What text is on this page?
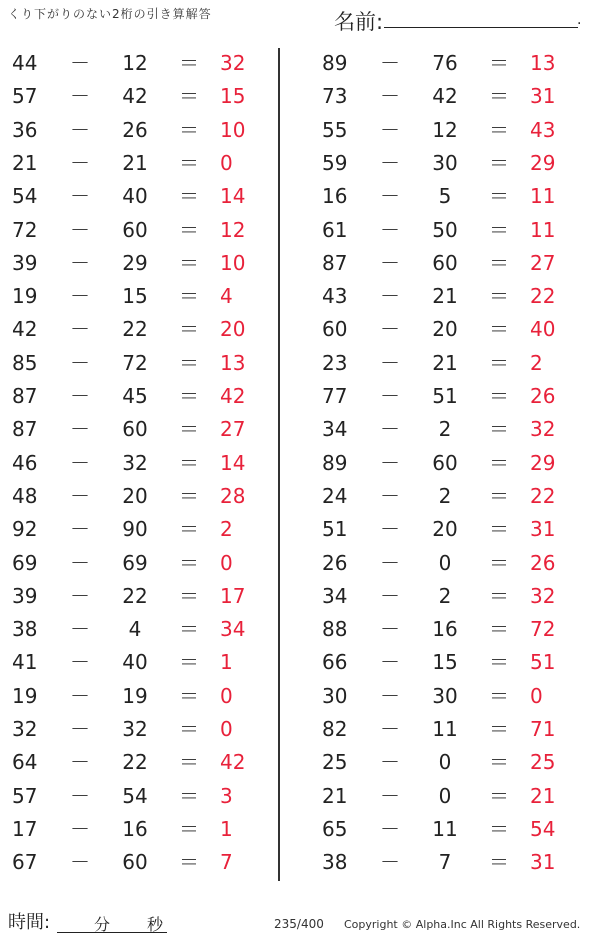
くり下がりのない2桁の引き算解答	名前:	.
44 －	12	＝ 32
57 －	42	＝ 15
36 －	26	＝ 10
21 －	21	＝ 0
54 －	40	＝ 14
72 －	60	＝ 12
39 －	29	＝ 10
19 －	15	＝ 4
42 －	22	＝ 20
85 －	72	＝ 13
87 －	45	＝ 42
87 －	60	＝ 27
46 －	32	＝ 14
48 －	20	＝ 28
92 －	90	＝ 2
69 －	69	＝ 0
39 －	22	＝ 17
38 －	4	＝ 34
41 －	40	＝ 1
19 －	19	＝ 0
32 －	32	＝ 0
64 －	22	＝ 42
57 －	54	＝ 3
17 －	16	＝ 1
67 －	60	＝ 7
89 －	76	＝ 13
73 －	42	＝ 31
55 －	12	＝ 43
59 －	30	＝ 29
16 －	5	＝ 11
61 －	50	＝ 11
87 －	60	＝ 27
43 －	21	＝ 22
60 －	20	＝ 40
23 －	21	＝ 2
77 －	51	＝ 26
34 －	2	＝ 32
89 －	60	＝ 29
24 －	2	＝ 22
51 －	20	＝ 31
26 －	0	＝ 26
34 －	2	＝ 32
88 －	16	＝ 72
66 －	15	＝ 51
30 －	30	＝ 0
82 －	11	＝ 71
25 －	0	＝ 25
21 －	0	＝ 21
65 －	11	＝ 54
38 －	7	＝ 31
時間:	分 秒	235/400 Copyright © Alpha.Inc All Rights Reserved.
